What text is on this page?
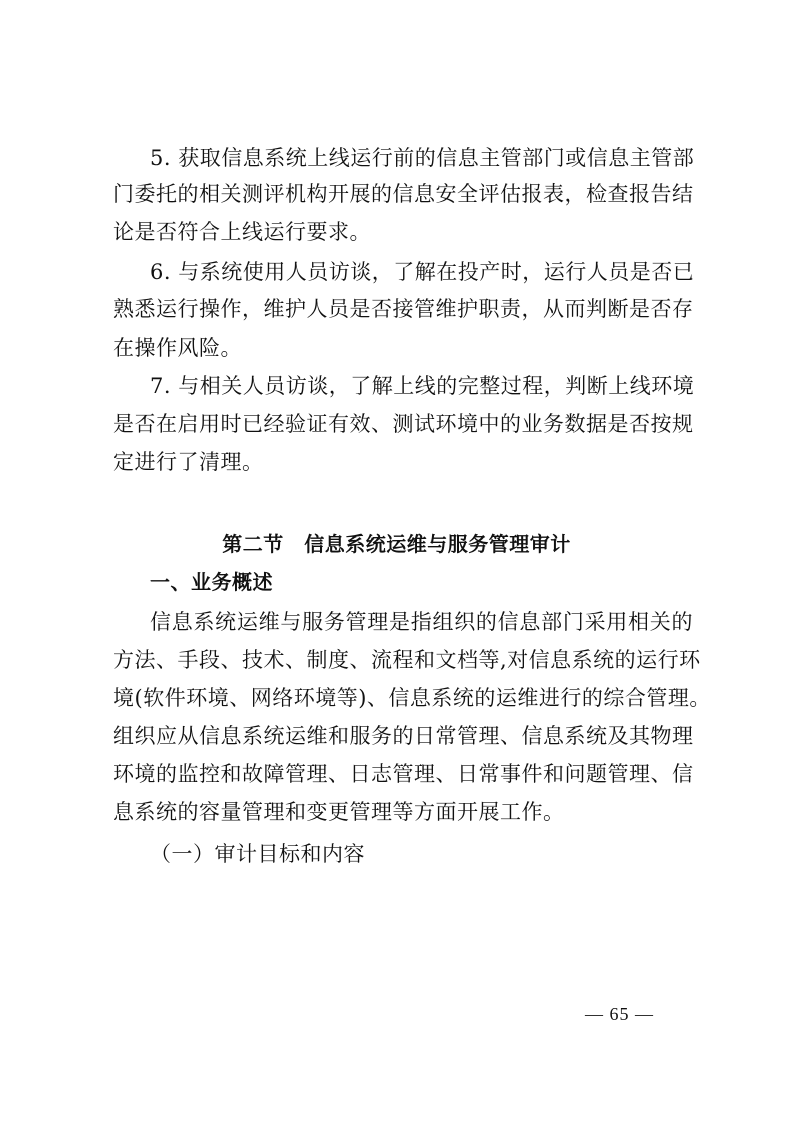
5. 获取信息系统上线运行前的信息主管部门或信息主管部
门委托的相关测评机构开展的信息安全评估报表，检查报告结
论是否符合上线运行要求。
6. 与系统使用人员访谈，了解在投产时，运行人员是否已
熟悉运行操作，维护人员是否接管维护职责，从而判断是否存
在操作风险。
7. 与相关人员访谈，了解上线的完整过程，判断上线环境
是否在启用时已经验证有效、测试环境中的业务数据是否按规
定进行了清理。
第二节　信息系统运维与服务管理审计
一、业务概述
信息系统运维与服务管理是指组织的信息部门采用相关的
方法、手段、技术、制度、流程和文档等,对信息系统的运行环
境(软件环境、网络环境等)、信息系统的运维进行的综合管理。
组织应从信息系统运维和服务的日常管理、信息系统及其物理
环境的监控和故障管理、日志管理、日常事件和问题管理、信
息系统的容量管理和变更管理等方面开展工作。
（一）审计目标和内容
— 65 —
